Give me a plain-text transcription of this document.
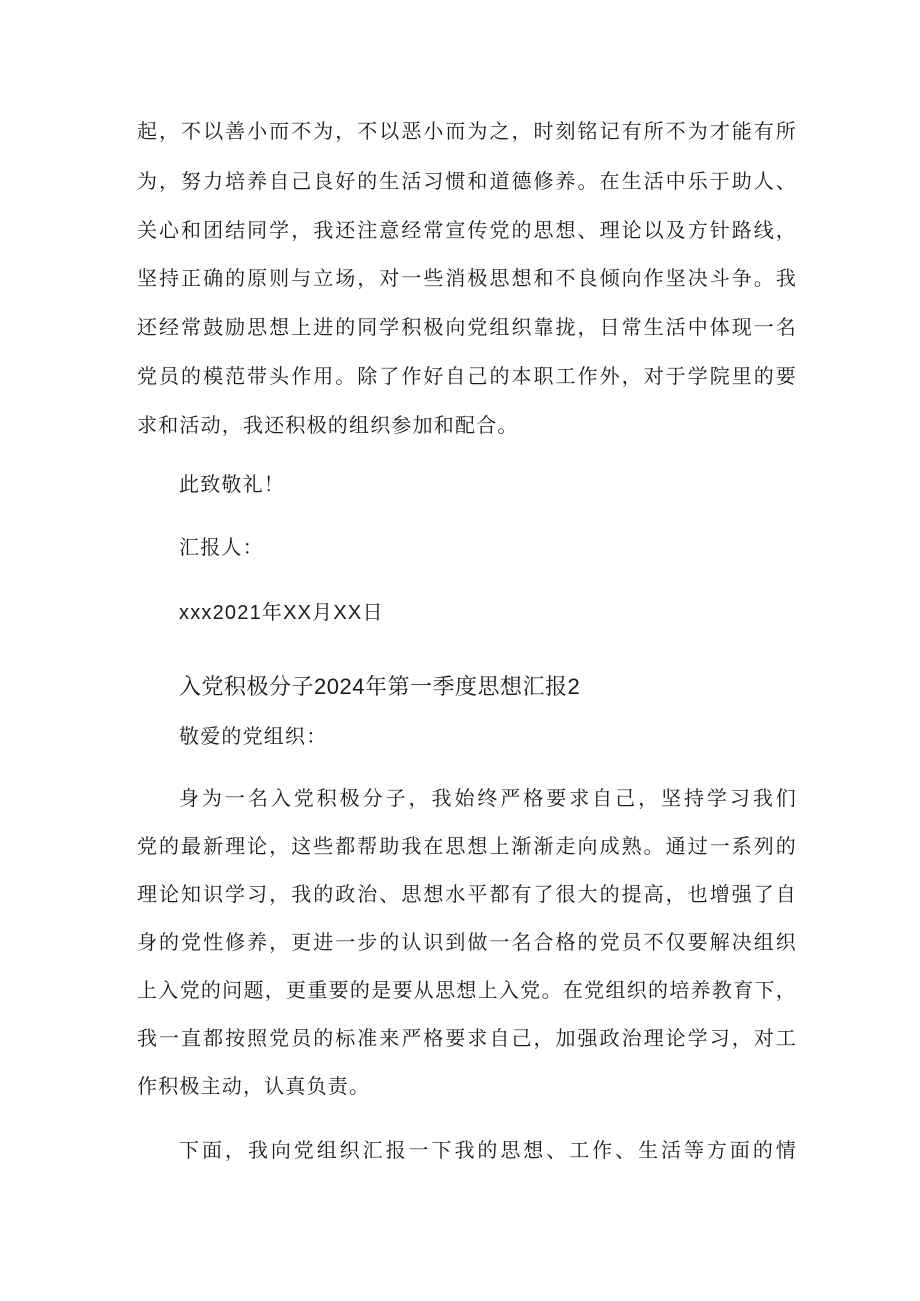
起，不以善小而不为，不以恶小而为之，时刻铭记有所不为才能有所
为，努力培养自己良好的生活习惯和道德修养。在生活中乐于助人、
关心和团结同学，我还注意经常宣传党的思想、理论以及方针路线，
坚持正确的原则与立场，对一些消极思想和不良倾向作坚决斗争。我
还经常鼓励思想上进的同学积极向党组织靠拢，日常生活中体现一名
党员的模范带头作用。除了作好自己的本职工作外，对于学院里的要
求和活动，我还积极的组织参加和配合。
此致敬礼！
汇报人：
xxx2021年XX月XX日
入党积极分子2024年第一季度思想汇报2
敬爱的党组织：
身为一名入党积极分子，我始终严格要求自己，坚持学习我们
党的最新理论，这些都帮助我在思想上渐渐走向成熟。通过一系列的
理论知识学习，我的政治、思想水平都有了很大的提高，也增强了自
身的党性修养，更进一步的认识到做一名合格的党员不仅要解决组织
上入党的问题，更重要的是要从思想上入党。在党组织的培养教育下，
我一直都按照党员的标准来严格要求自己，加强政治理论学习，对工
作积极主动，认真负责。
下面，我向党组织汇报一下我的思想、工作、生活等方面的情
